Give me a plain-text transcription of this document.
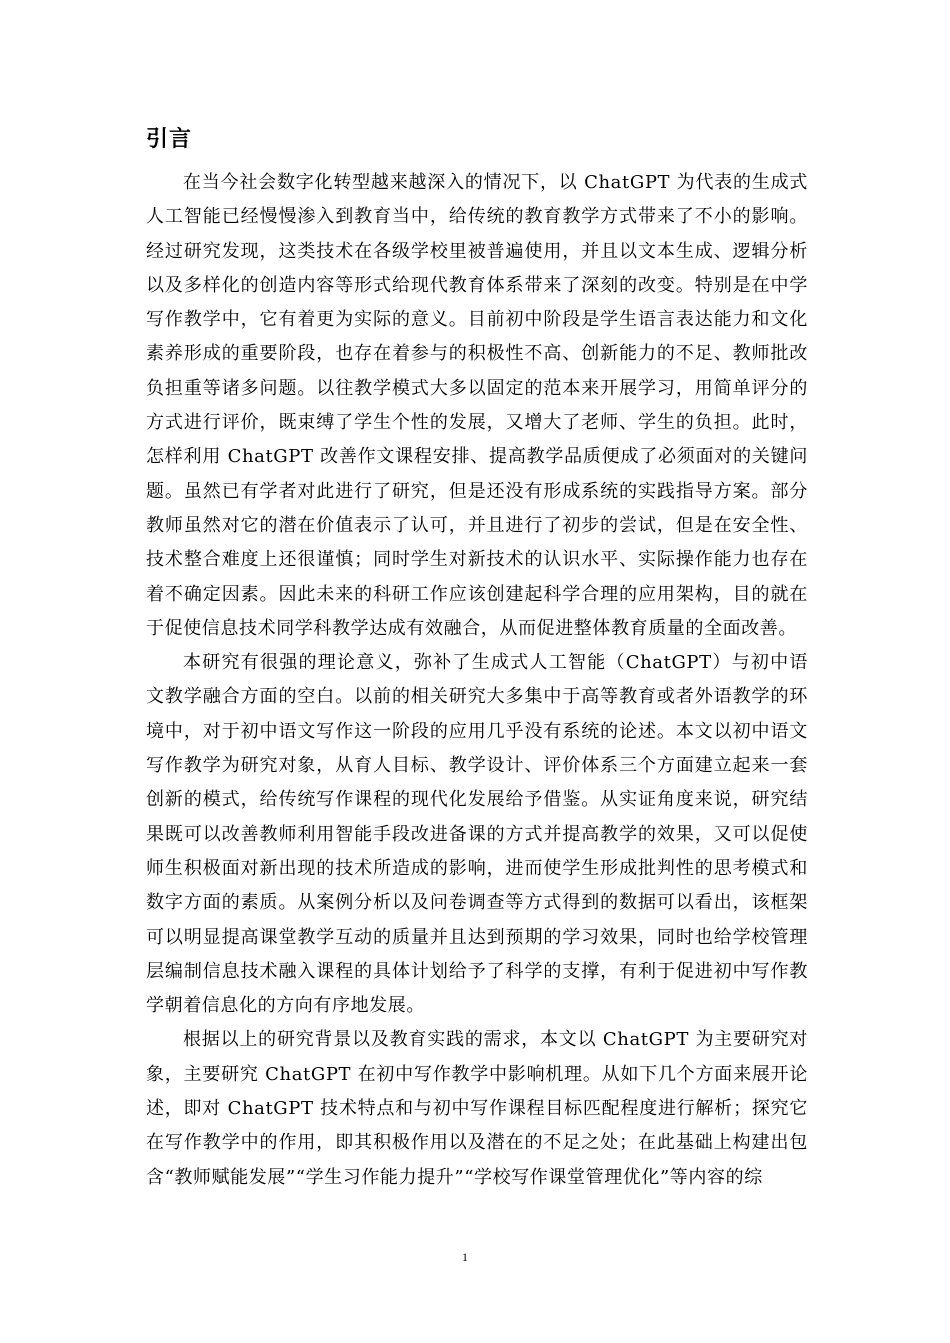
引言

在当今社会数字化转型越来越深入的情况下，以 ChatGPT 为代表的生成式人工智能已经慢慢渗入到教育当中，给传统的教育教学方式带来了不小的影响。经过研究发现，这类技术在各级学校里被普遍使用，并且以文本生成、逻辑分析以及多样化的创造内容等形式给现代教育体系带来了深刻的改变。特别是在中学写作教学中，它有着更为实际的意义。目前初中阶段是学生语言表达能力和文化素养形成的重要阶段，也存在着参与的积极性不高、创新能力的不足、教师批改负担重等诸多问题。以往教学模式大多以固定的范本来开展学习，用简单评分的方式进行评价，既束缚了学生个性的发展，又增大了老师、学生的负担。此时，怎样利用 ChatGPT 改善作文课程安排、提高教学品质便成了必须面对的关键问题。虽然已有学者对此进行了研究，但是还没有形成系统的实践指导方案。部分教师虽然对它的潜在价值表示了认可，并且进行了初步的尝试，但是在安全性、技术整合难度上还很谨慎；同时学生对新技术的认识水平、实际操作能力也存在着不确定因素。因此未来的科研工作应该创建起科学合理的应用架构，目的就在于促使信息技术同学科教学达成有效融合，从而促进整体教育质量的全面改善。

本研究有很强的理论意义，弥补了生成式人工智能（ChatGPT）与初中语文教学融合方面的空白。以前的相关研究大多集中于高等教育或者外语教学的环境中，对于初中语文写作这一阶段的应用几乎没有系统的论述。本文以初中语文写作教学为研究对象，从育人目标、教学设计、评价体系三个方面建立起来一套创新的模式，给传统写作课程的现代化发展给予借鉴。从实证角度来说，研究结果既可以改善教师利用智能手段改进备课的方式并提高教学的效果，又可以促使师生积极面对新出现的技术所造成的影响，进而使学生形成批判性的思考模式和数字方面的素质。从案例分析以及问卷调查等方式得到的数据可以看出，该框架可以明显提高课堂教学互动的质量并且达到预期的学习效果，同时也给学校管理层编制信息技术融入课程的具体计划给予了科学的支撑，有利于促进初中写作教学朝着信息化的方向有序地发展。

根据以上的研究背景以及教育实践的需求，本文以 ChatGPT 为主要研究对象，主要研究 ChatGPT 在初中写作教学中影响机理。从如下几个方面来展开论述，即对 ChatGPT 技术特点和与初中写作课程目标匹配程度进行解析；探究它在写作教学中的作用，即其积极作用以及潜在的不足之处；在此基础上构建出包含“教师赋能发展”“学生习作能力提升”“学校写作课堂管理优化”等内容的综

1
